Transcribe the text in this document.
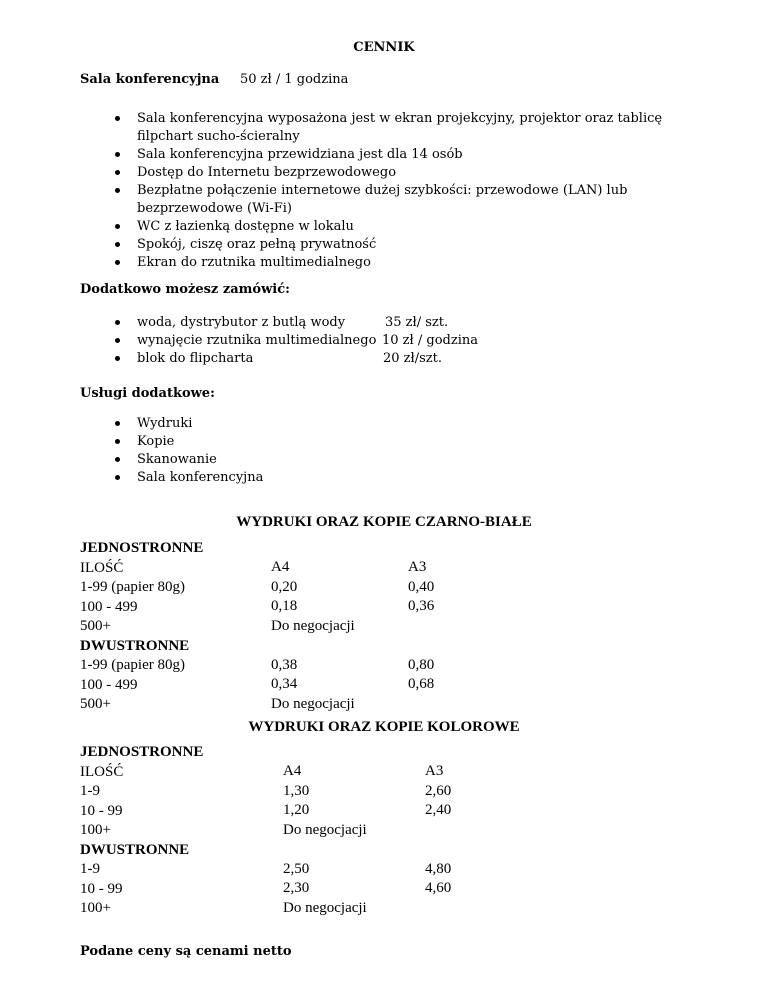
CENNIK
Sala konferencyjna 50 zł / 1 godzina
Sala konferencyjna wyposażona jest w ekran projekcyjny, projektor oraz tablicę
filpchart sucho-ścieralny
Sala konferencyjna przewidziana jest dla 14 osób
Dostęp do Internetu bezprzewodowego
Bezpłatne połączenie internetowe dużej szybkości: przewodowe (LAN) lub
bezprzewodowe (Wi-Fi)
WC z łazienką dostępne w lokalu
Spokój, ciszę oraz pełną prywatność
Ekran do rzutnika multimedialnego
Dodatkowo możesz zamówić:
woda, dystrybutor z butlą wody
wynajęcie rzutnika multimedialnego
blok do flipcharta
35 zł/ szt.
10 zł / godzina
20 zł/szt.
Usługi dodatkowe:
Wydruki
Kopie
Skanowanie
Sala konferencyjna
WYDRUKI ORAZ KOPIE CZARNO-BIAŁE
JEDNOSTRONNE
ILOŚĆ
1-99 (papier 80g)
100 - 499
500+
DWUSTRONNE
1-99 (papier 80g)
100 - 499
500+
A4
0,20
0,18
Do negocjacji

0,38
0,34
Do negocjacji
A3
0,40
0,36

0,80
0,68
WYDRUKI ORAZ KOPIE KOLOROWE
JEDNOSTRONNE
ILOŚĆ
1-9
10 - 99
100+
DWUSTRONNE
1-9
10 - 99
100+
A4
1,30
1,20
Do negocjacji

2,50
2,30
Do negocjacji
A3
2,60
2,40

4,80
4,60
Podane ceny są cenami netto
